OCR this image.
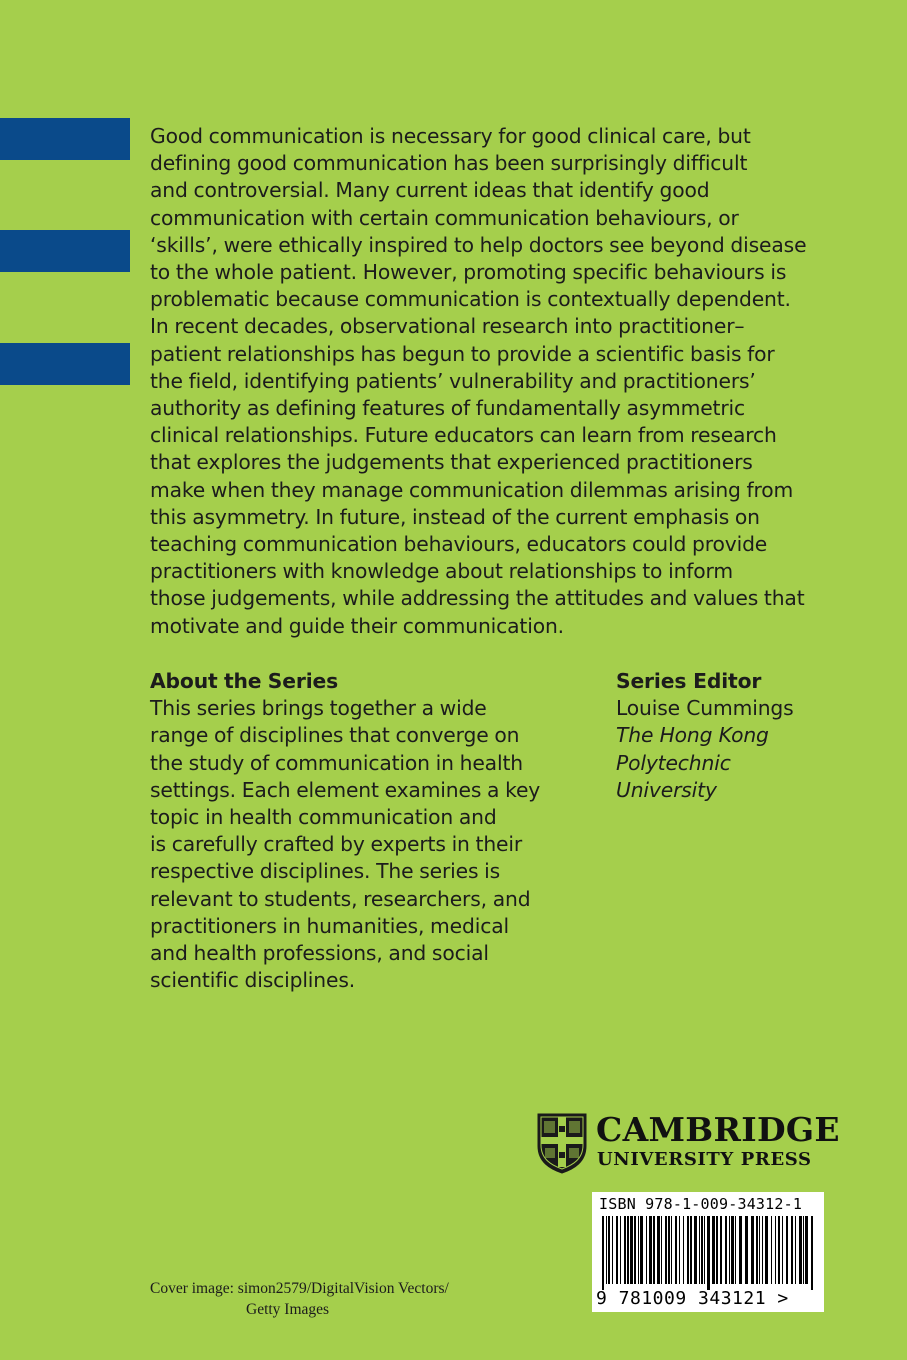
Good communication is necessary for good clinical care, but
defining good communication has been surprisingly difficult
and controversial. Many current ideas that identify good
communication with certain communication behaviours, or
‘skills’, were ethically inspired to help doctors see beyond disease
to the whole patient. However, promoting specific behaviours is
problematic because communication is contextually dependent.
In recent decades, observational research into practitioner–
patient relationships has begun to provide a scientific basis for
the field, identifying patients’ vulnerability and practitioners’
authority as defining features of fundamentally asymmetric
clinical relationships. Future educators can learn from research
that explores the judgements that experienced practitioners
make when they manage communication dilemmas arising from
this asymmetry. In future, instead of the current emphasis on
teaching communication behaviours, educators could provide
practitioners with knowledge about relationships to inform
those judgements, while addressing the attitudes and values that
motivate and guide their communication.
About the Series
This series brings together a wide
range of disciplines that converge on
the study of communication in health
settings. Each element examines a key
topic in health communication and
is carefully crafted by experts in their
respective disciplines. The series is
relevant to students, researchers, and
practitioners in humanities, medical
and health professions, and social
scientific disciplines.
Series Editor
Louise Cummings
The Hong Kong
Polytechnic
University
CAMBRIDGE
UNIVERSITY PRESS
ISBN 978-1-009-34312-1
9 781009 343121 >
Cover image: simon2579/DigitalVision Vectors/
Getty Images
